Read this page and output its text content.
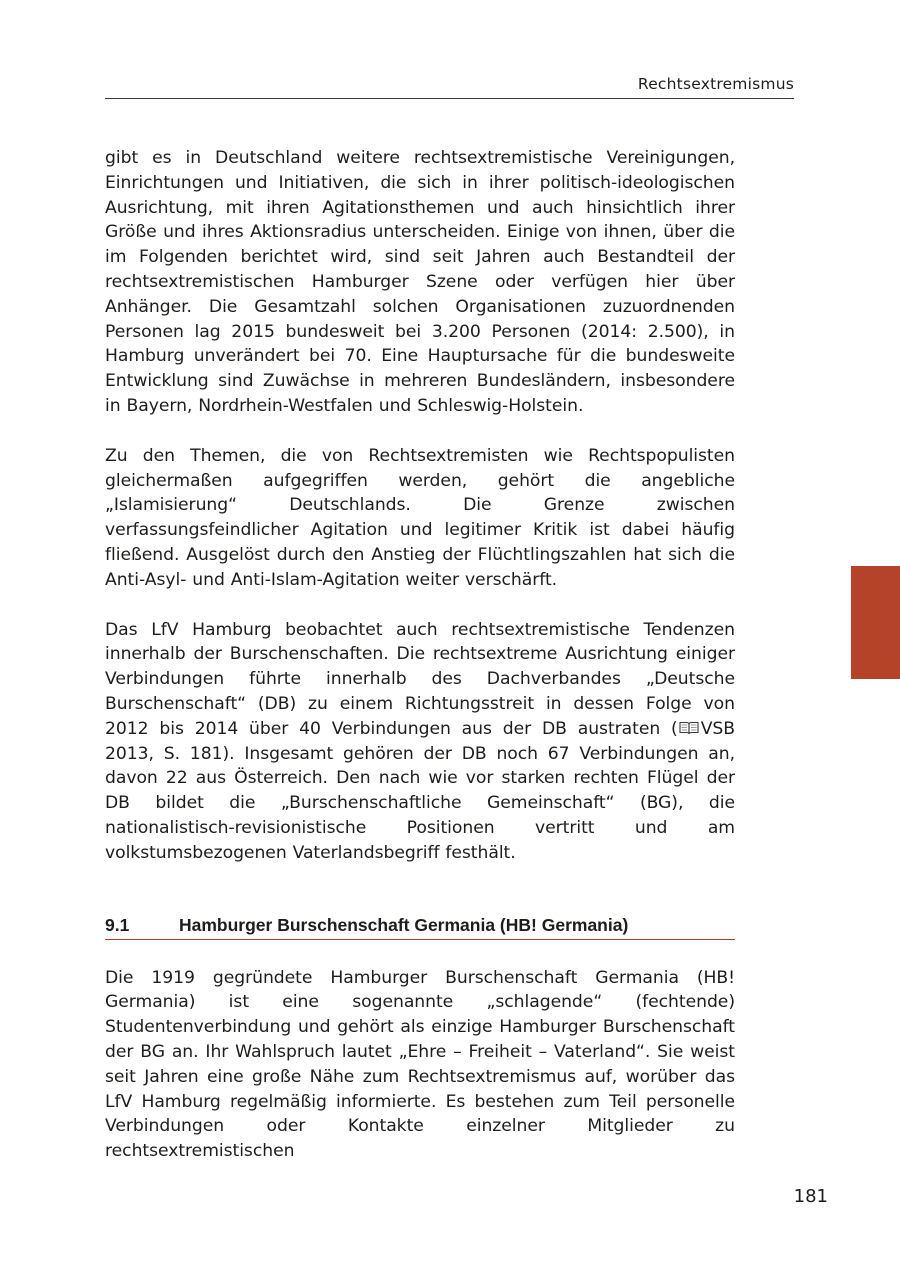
Rechtsextremismus

gibt es in Deutschland weitere rechtsextremistische Vereinigungen, Einrichtungen und Initiativen, die sich in ihrer politisch-ideologischen Ausrichtung, mit ihren Agitationsthemen und auch hinsichtlich ihrer Größe und ihres Aktionsradius unterscheiden. Einige von ihnen, über die im Folgenden berichtet wird, sind seit Jahren auch Bestandteil der rechtsextremistischen Hamburger Szene oder verfügen hier über Anhänger. Die Gesamtzahl solchen Organisationen zuzuordnenden Personen lag 2015 bundesweit bei 3.200 Personen (2014: 2.500), in Hamburg unverändert bei 70. Eine Hauptursache für die bundesweite Entwicklung sind Zuwächse in mehreren Bundesländern, insbesondere in Bayern, Nordrhein-Westfalen und Schleswig-Holstein.

Zu den Themen, die von Rechtsextremisten wie Rechtspopulisten gleichermaßen aufgegriffen werden, gehört die angebliche „Islamisierung“ Deutschlands. Die Grenze zwischen verfassungsfeindlicher Agitation und legitimer Kritik ist dabei häufig fließend. Ausgelöst durch den Anstieg der Flüchtlingszahlen hat sich die Anti-Asyl- und Anti-Islam-Agitation weiter verschärft.

Das LfV Hamburg beobachtet auch rechtsextremistische Tendenzen innerhalb der Burschenschaften. Die rechtsextreme Ausrichtung einiger Verbindungen führte innerhalb des Dachverbandes „Deutsche Burschenschaft“ (DB) zu einem Richtungsstreit in dessen Folge von 2012 bis 2014 über 40 Verbindungen aus der DB austraten ( VSB 2013, S. 181). Insgesamt gehören der DB noch 67 Verbindungen an, davon 22 aus Österreich. Den nach wie vor starken rechten Flügel der DB bildet die „Burschenschaftliche Gemeinschaft“ (BG), die nationalistisch-revisionistische Positionen vertritt und am volkstumsbezogenen Vaterlandsbegriff festhält.

9.1	Hamburger Burschenschaft Germania (HB! Germania)

Die 1919 gegründete Hamburger Burschenschaft Germania (HB! Germania) ist eine sogenannte „schlagende“ (fechtende) Studentenverbindung und gehört als einzige Hamburger Burschenschaft der BG an. Ihr Wahlspruch lautet „Ehre – Freiheit – Vaterland“. Sie weist seit Jahren eine große Nähe zum Rechtsextremismus auf, worüber das LfV Hamburg regelmäßig informierte. Es bestehen zum Teil personelle Verbindungen oder Kontakte einzelner Mitglieder zu rechtsextremistischen

181
